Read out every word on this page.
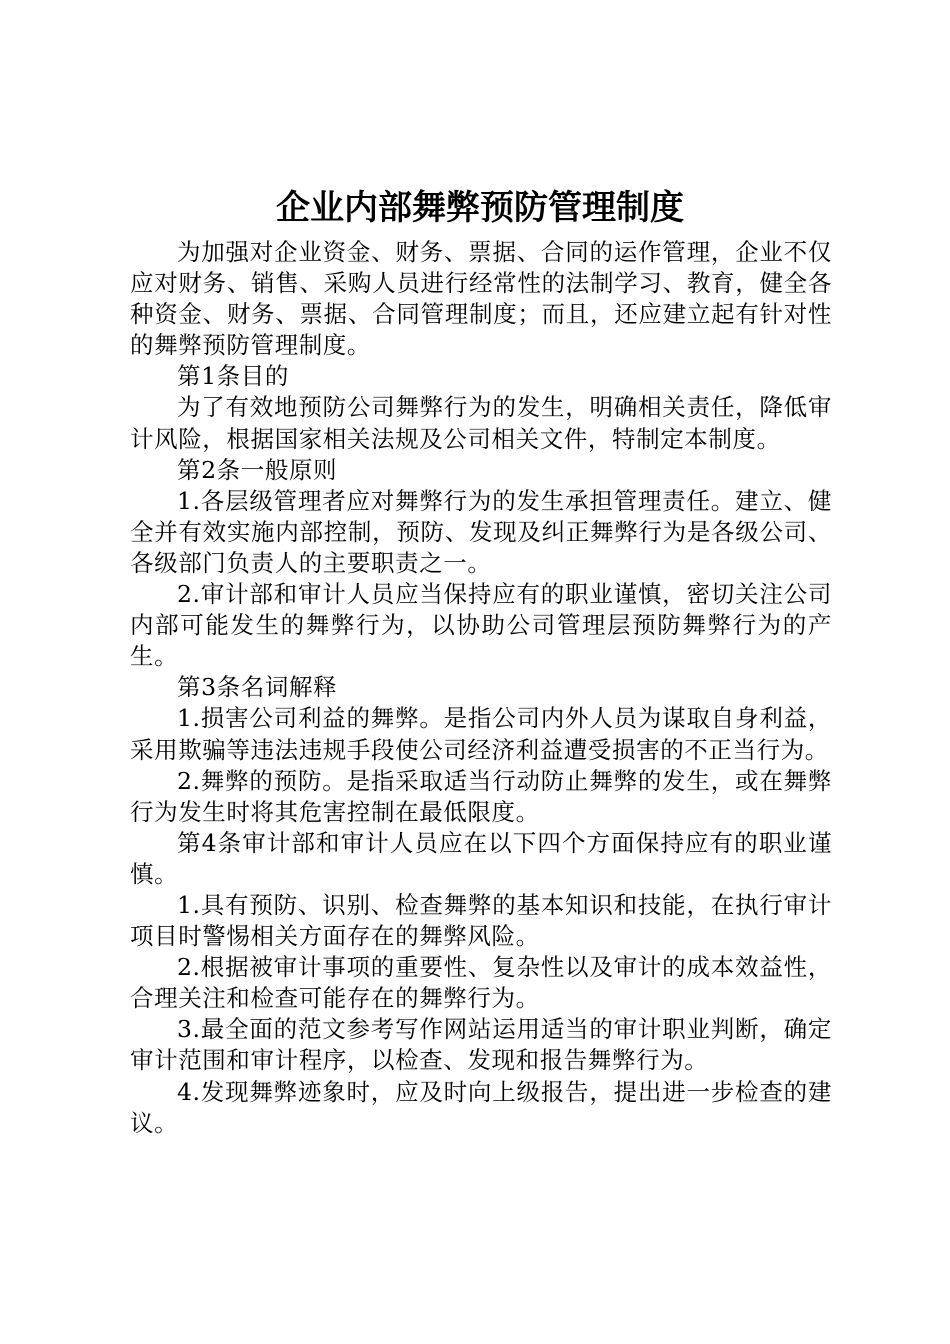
企业内部舞弊预防管理制度

为加强对企业资金、财务、票据、合同的运作管理，企业不仅应对财务、销售、采购人员进行经常性的法制学习、教育，健全各种资金、财务、票据、合同管理制度；而且，还应建立起有针对性的舞弊预防管理制度。

第1条目的

为了有效地预防公司舞弊行为的发生，明确相关责任，降低审计风险，根据国家相关法规及公司相关文件，特制定本制度。

第2条一般原则

1.各层级管理者应对舞弊行为的发生承担管理责任。建立、健全并有效实施内部控制，预防、发现及纠正舞弊行为是各级公司、各级部门负责人的主要职责之一。

2.审计部和审计人员应当保持应有的职业谨慎，密切关注公司内部可能发生的舞弊行为，以协助公司管理层预防舞弊行为的产生。

第3条名词解释

1.损害公司利益的舞弊。是指公司内外人员为谋取自身利益，采用欺骗等违法违规手段使公司经济利益遭受损害的不正当行为。

2.舞弊的预防。是指采取适当行动防止舞弊的发生，或在舞弊行为发生时将其危害控制在最低限度。

第4条审计部和审计人员应在以下四个方面保持应有的职业谨慎。

1.具有预防、识别、检查舞弊的基本知识和技能，在执行审计项目时警惕相关方面存在的舞弊风险。

2.根据被审计事项的重要性、复杂性以及审计的成本效益性，合理关注和检查可能存在的舞弊行为。

3.最全面的范文参考写作网站运用适当的审计职业判断，确定审计范围和审计程序，以检查、发现和报告舞弊行为。

4.发现舞弊迹象时，应及时向上级报告，提出进一步检查的建议。
